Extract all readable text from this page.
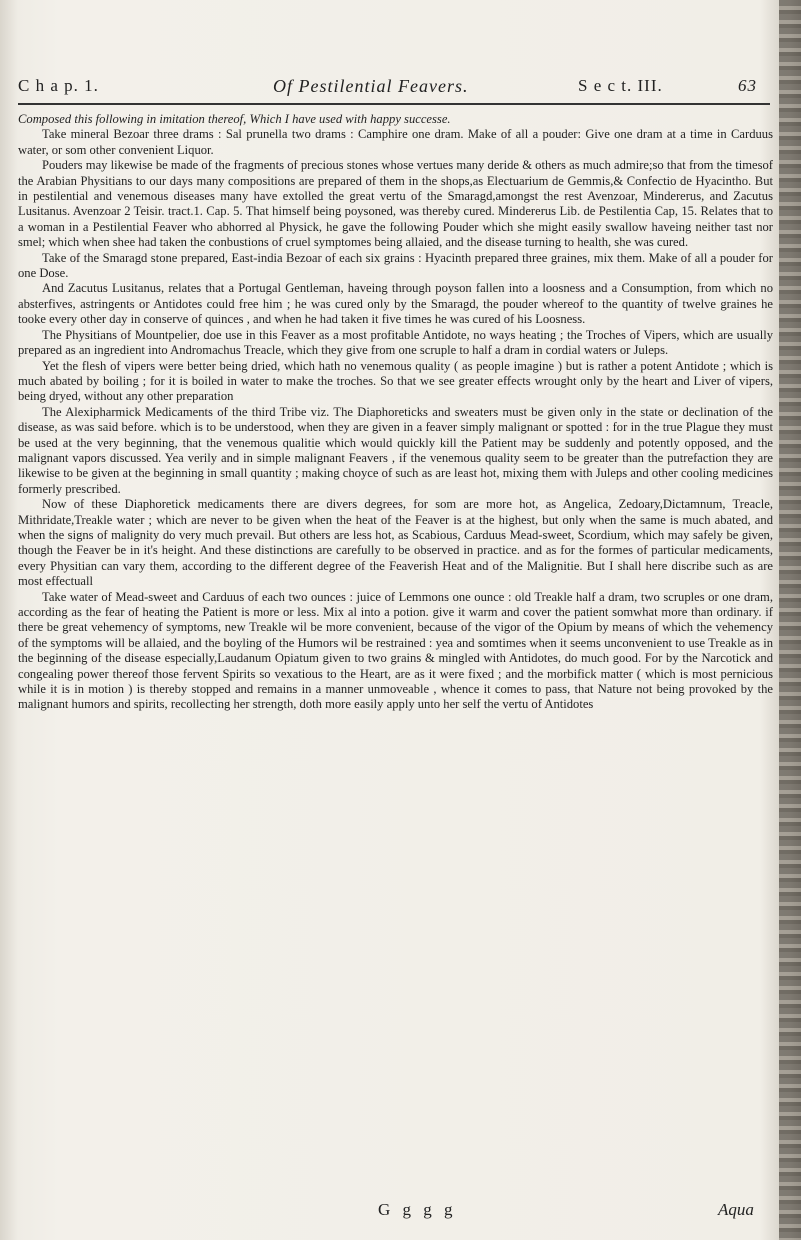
C h a p. 1.	Of Pestilential Feavers.	S e c t. III.	63

Composed this following in imitation thereof, Which I have used with happy successe.

Take mineral Bezoar three drams : Sal prunella two drams : Camphire one dram. Make of all a pouder: Give one dram at a time in Carduus water, or som other convenient Liquor.

Pouders may likewise be made of the fragments of precious stones whose vertues many deride & others as much admire;so that from the timesof the Arabian Physitians to our days many compositions are prepared of them in the shops,as Electuarium de Gemmis,& Confectio de Hyacintho. But in pestilential and venemous diseases many have extolled the great vertu of the Smaragd,amongst the rest Avenzoar, Mindererus, and Zacutus Lusitanus. Avenzoar 2 Teisir. tract.1. Cap. 5. That himself being poysoned, was thereby cured. Mindererus Lib. de Pestilentia Cap, 15. Relates that to a woman in a Pestilential Feaver who abhorred al Physick, he gave the following Pouder which she might easily swallow haveing neither tast nor smel; which when shee had taken the conbustions of cruel symptomes being allaied, and the disease turning to health, she was cured.

Take of the Smaragd stone prepared, East-india Bezoar of each six grains : Hyacinth prepared three graines, mix them. Make of all a pouder for one Dose.

And Zacutus Lusitanus, relates that a Portugal Gentleman, haveing through poyson fallen into a loosness and a Consumption, from which no absterfives, astringents or Antidotes could free him ; he was cured only by the Smaragd, the pouder whereof to the quantity of twelve graines he tooke every other day in conserve of quinces , and when he had taken it five times he was cured of his Loosness.

The Physitians of Mountpelier, doe use in this Feaver as a most profitable Antidote, no ways heating ; the Troches of Vipers, which are usually prepared as an ingredient into Andromachus Treacle, which they give from one scruple to half a dram in cordial waters or Juleps.

Yet the flesh of vipers were better being dried, which hath no venemous quality ( as people imagine ) but is rather a potent Antidote ; which is much abated by boiling ; for it is boiled in water to make the troches. So that we see greater effects wrought only by the heart and Liver of vipers, being dryed, without any other preparation

The Alexipharmick Medicaments of the third Tribe viz. The Diaphoreticks and sweaters must be given only in the state or declination of the disease, as was said before. which is to be understood, when they are given in a feaver simply malignant or spotted : for in the true Plague they must be used at the very beginning, that the venemous qualitie which would quickly kill the Patient may be suddenly and potently opposed, and the malignant vapors discussed. Yea verily and in simple malignant Feavers , if the venemous quality seem to be greater than the putrefaction they are likewise to be given at the beginning in small quantity ; making choyce of such as are least hot, mixing them with Juleps and other cooling medicines formerly prescribed.

Now of these Diaphoretick medicaments there are divers degrees, for som are more hot, as Angelica, Zedoary,Dictamnum, Treacle, Mithridate,Treakle water ; which are never to be given when the heat of the Feaver is at the highest, but only when the same is much abated, and when the signs of malignity do very much prevail. But others are less hot, as Scabious, Carduus Mead-sweet, Scordium, which may safely be given, though the Feaver be in it's height. And these distinctions are carefully to be observed in practice. and as for the formes of particular medicaments, every Physitian can vary them, according to the different degree of the Feaverish Heat and of the Malignitie. But I shall here discribe such as are most effectuall

Take water of Mead-sweet and Carduus of each two ounces : juice of Lemmons one ounce : old Treakle half a dram, two scruples or one dram, according as the fear of heating the Patient is more or less. Mix al into a potion. give it warm and cover the patient somwhat more than ordinary. if there be great vehemency of symptoms, new Treakle wil be more convenient, because of the vigor of the Opium by means of which the vehemency of the symptoms will be allaied, and the boyling of the Humors wil be restrained : yea and somtimes when it seems unconvenient to use Treakle as in the beginning of the disease especially,Laudanum Opiatum given to two grains & mingled with Antidotes, do much good. For by the Narcotick and congealing power thereof those fervent Spirits so vexatious to the Heart, are as it were fixed ; and the morbifick matter ( which is most pernicious while it is in motion ) is thereby stopped and remains in a manner unmoveable , whence it comes to pass, that Nature not being provoked by the malignant humors and spirits, recollecting her strength, doth more easily apply unto her self the vertu of Antidotes

G g g g	Aqua
